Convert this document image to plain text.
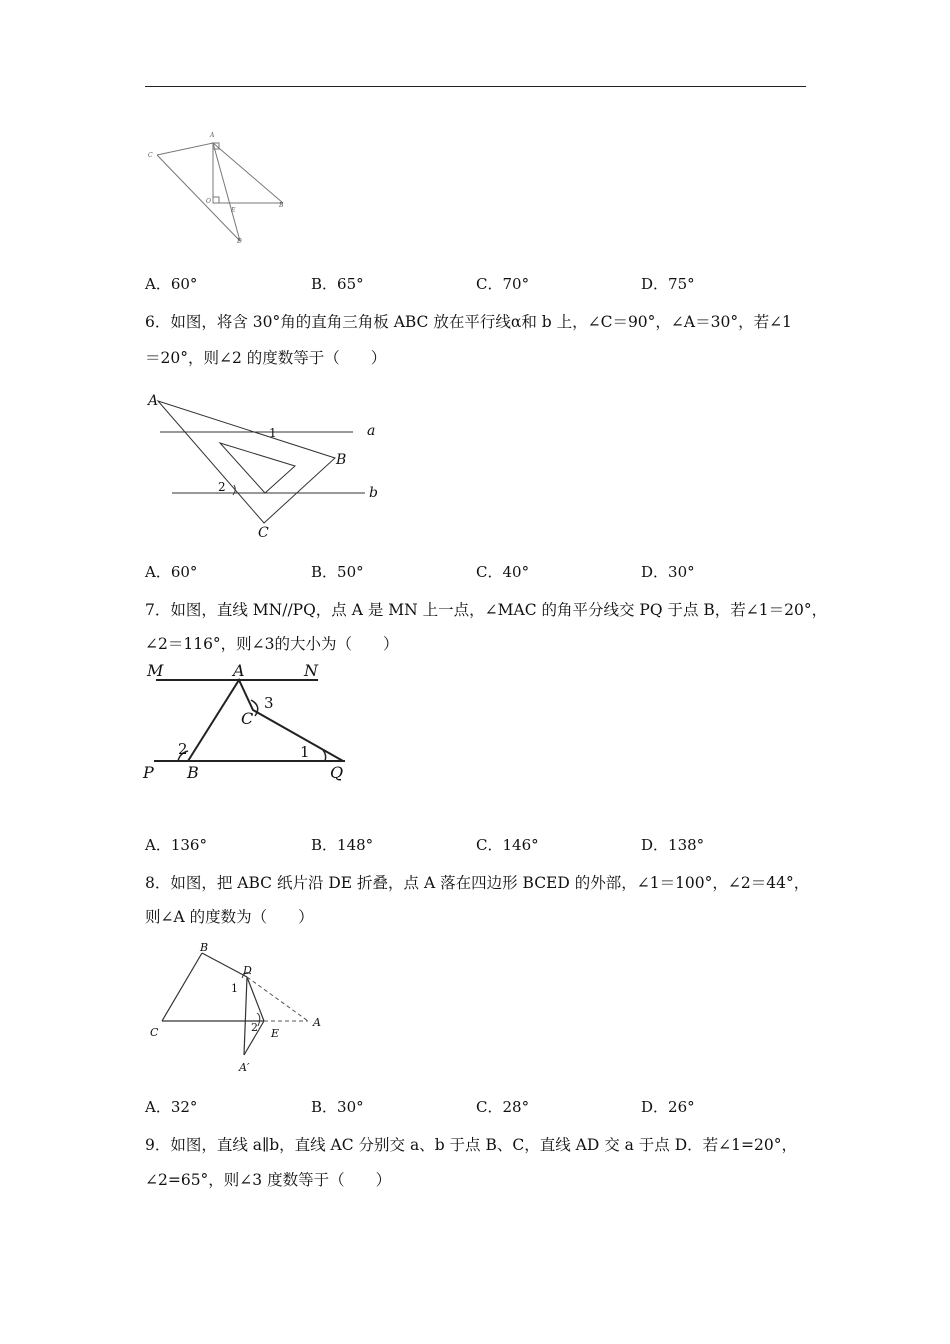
A
C
B
O
E
D
A．60°	B．65°	C．70°	D．75°
6．如图，将含 30°角的直角三角板 ABC 放在平行线α和 b 上，∠C＝90°，∠A＝30°，若∠1
＝20°，则∠2 的度数等于（　　）
A
1	a
B
2	b
C
A．60°	B．50°	C．40°	D．30°
7．如图，直线 MN//PQ，点 A 是 MN 上一点，∠MAC 的角平分线交 PQ 于点 B，若∠1＝20°，
∠2＝116°，则∠3的大小为（　　）
M	A	N
3
C
2	1
P B	Q
A．136°	B．148°	C．146°	D．138°
8．如图，把 ABC 纸片沿 DE 折叠，点 A 落在四边形 BCED 的外部，∠1＝100°，∠2＝44°，
则∠A 的度数为（　　）
B
D
1
C	2 E
A
A′
A．32°	B．30°	C．28°	D．26°
9．如图，直线 a∥b，直线 AC 分别交 a、b 于点 B、C，直线 AD 交 a 于点 D．若∠1=20°，
∠2=65°，则∠3 度数等于（　　）
